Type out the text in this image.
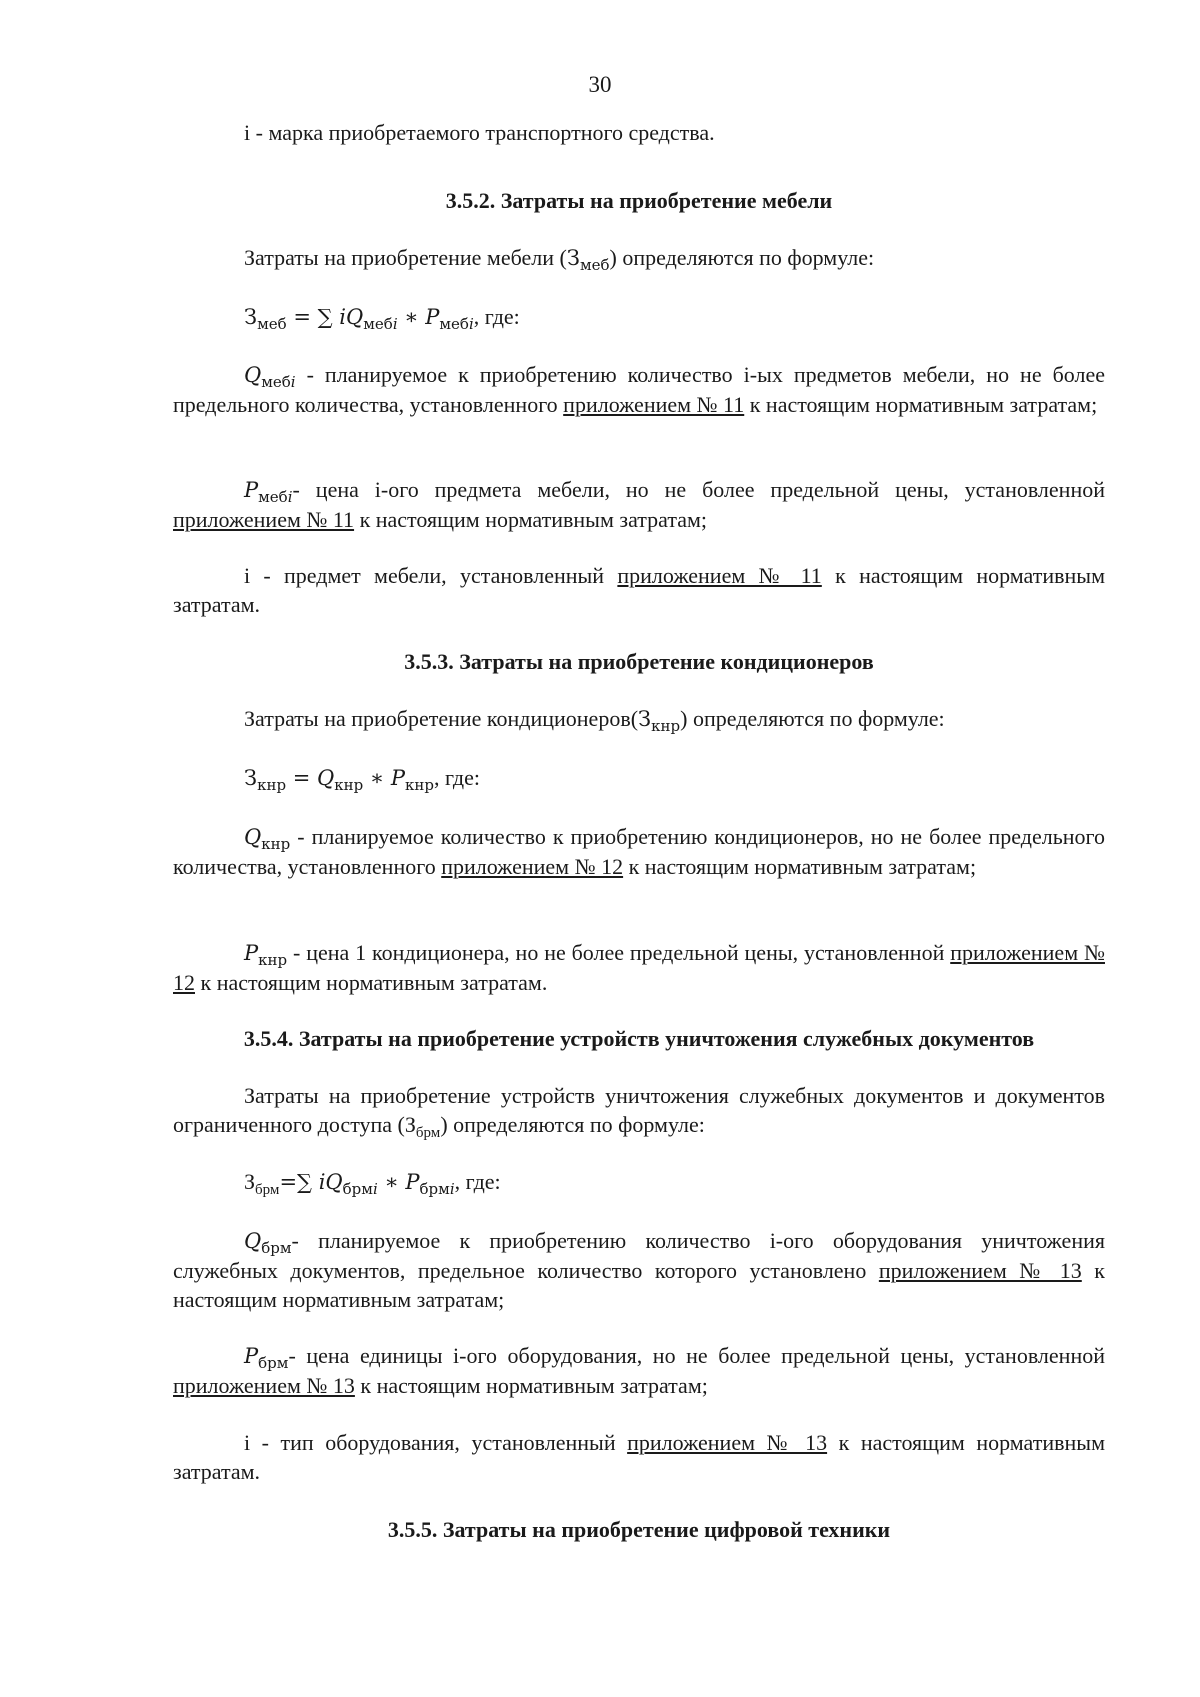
30
i - марка приобретаемого транспортного средства.
3.5.2. Затраты на приобретение мебели
Затраты на приобретение мебели $(З_{меб})$ определяются по формуле:
$З_{меб}$ = ∑ $iQ_{мебi}$ ∗ $P_{мебi}$, где:
$Q_{мебi}$ - планируемое к приобретению количество i-ых предметов мебели, но не более предельного количества, установленного приложением № 11 к настоящим нормативным затратам;
$P_{мебi}-$ цена i-ого предмета мебели, но не более предельной цены, установленной приложением № 11 к настоящим нормативным затратам;
i - предмет мебели, установленный приложением № 11 к настоящим нормативным затратам.
3.5.3. Затраты на приобретение кондиционеров
Затраты на приобретение $кондиционеров(З_{кнр})$ определяются по формуле:
$З_{кнр} = Q_{кнр}$ ∗ $P_{кнр}$, где:
$Q_{кнр}$ - планируемое количество к приобретению кондиционеров, но не более предельного количества, установленного приложением № 12 к настоящим нормативным затратам;
$P_{кнр}$ - цена 1 кондиционера, но не более предельной цены, установленной приложением № 12 к настоящим нормативным затратам.
3.5.4. Затраты на приобретение устройств уничтожения служебных документов
Затраты на приобретение устройств уничтожения служебных документов и документов ограниченного доступа $(З_{брм})$ определяются по формуле:
$З_{брм}=\sum$ $iQ_{брмi}$ ∗ $P_{брмi}$, где:
$Q_{брм}-$ планируемое к приобретению количество i-ого оборудования уничтожения служебных документов, предельное количество которого установлено приложением № 13 к настоящим нормативным затратам;
$P_{брм}-$ цена единицы i-ого оборудования, но не более предельной цены, установленной приложением № 13 к настоящим нормативным затратам;
i - тип оборудования, установленный приложением № 13 к настоящим нормативным затратам.
3.5.5. Затраты на приобретение цифровой техники
